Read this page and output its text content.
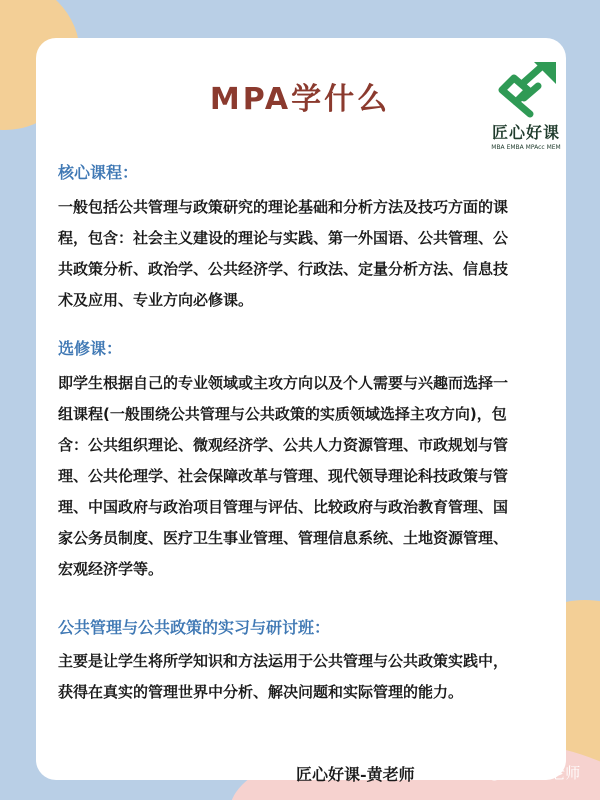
MPA学什么
匠心好课
MBA EMBA MPAcc MEM
核心课程：
一般包括公共管理与政策研究的理论基础和分析方法及技巧方面的课
程，包含：社会主义建设的理论与实践、第一外国语、公共管理、公
共政策分析、政治学、公共经济学、行政法、定量分析方法、信息技
术及应用、专业方向必修课。
选修课：
即学生根据自己的专业领域或主攻方向以及个人需要与兴趣而选择一
组课程(一般围绕公共管理与公共政策的实质领域选择主攻方向)，包
含：公共组织理论、微观经济学、公共人力资源管理、市政规划与管
理、公共伦理学、社会保障改革与管理、现代领导理论科技政策与管
理、中国政府与政治项目管理与评估、比较政府与政治教育管理、国
家公务员制度、医疗卫生事业管理、管理信息系统、土地资源管理、
宏观经济学等。
公共管理与公共政策的实习与研讨班：
主要是让学生将所学知识和方法运用于公共管理与公共政策实践中，
获得在真实的管理世界中分析、解决问题和实际管理的能力。
匠心好课-黄老师 知乎 @MBA黄老师
